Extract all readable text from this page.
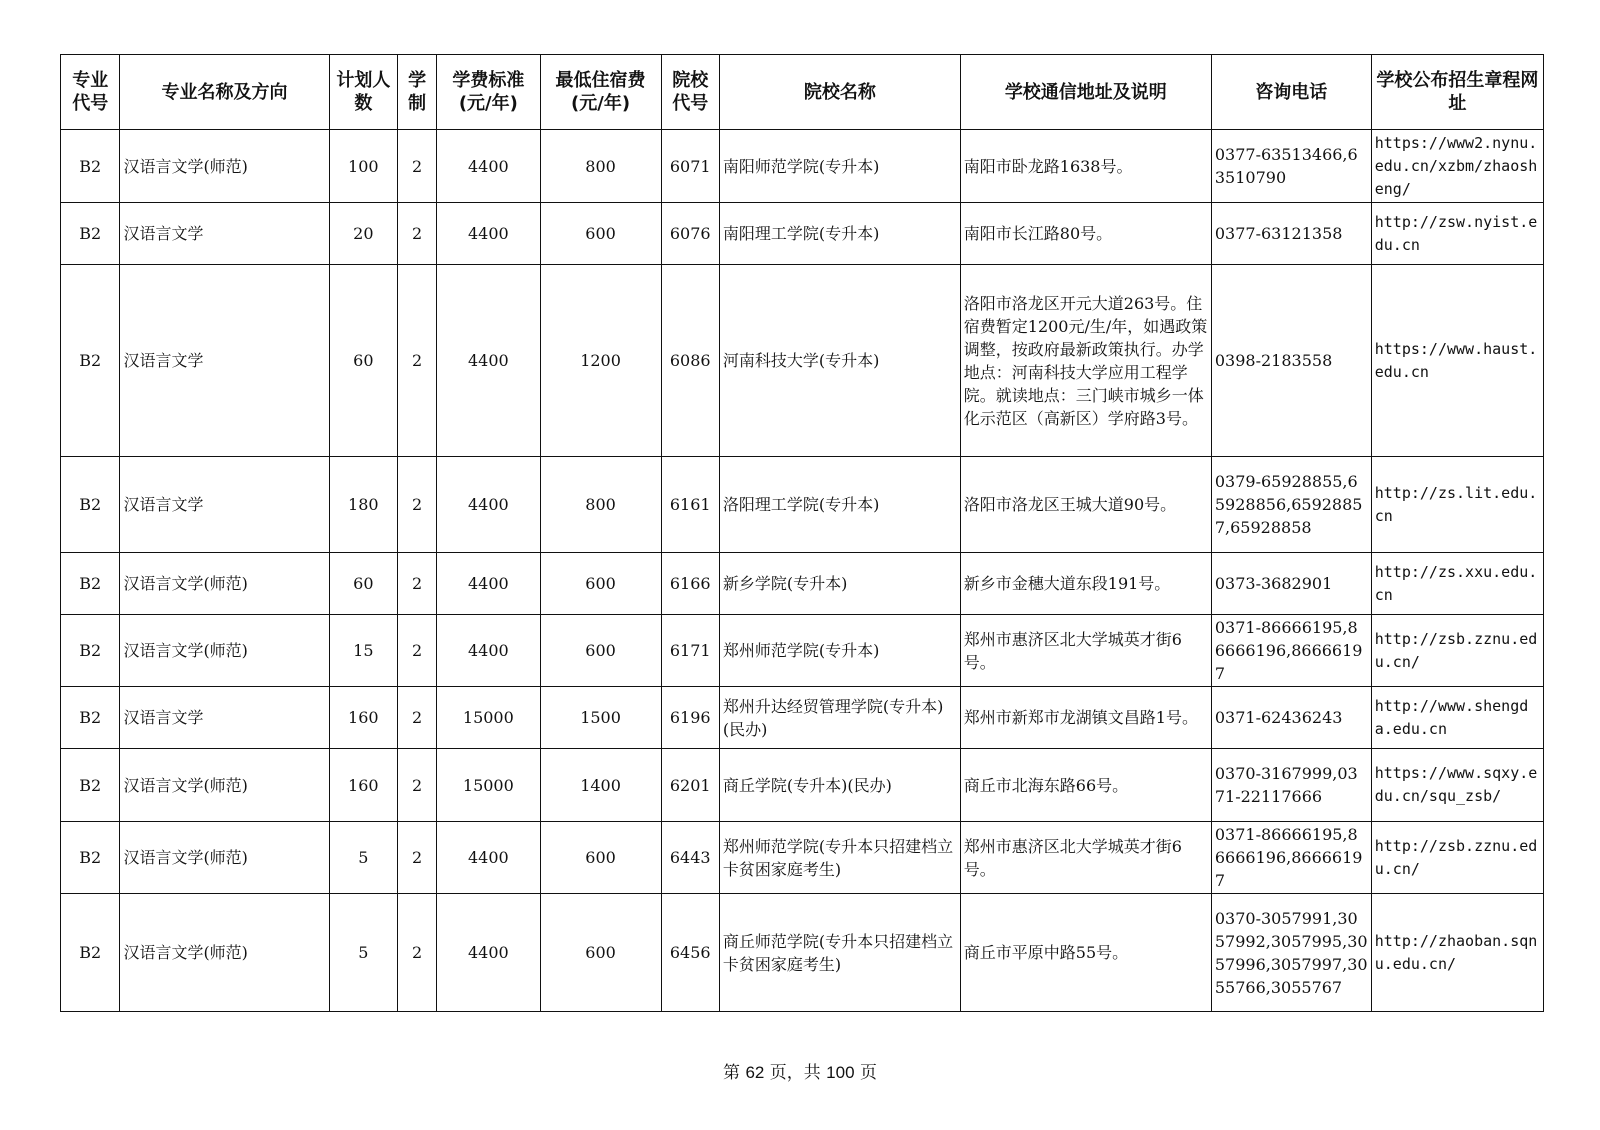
专业代号	专业名称及方向	计划人数	学制	学费标准(元/年)	最低住宿费(元/年)	院校代号	院校名称	学校通信地址及说明	咨询电话	学校公布招生章程网址
B2	汉语言文学(师范)	100	2	4400	800	6071	南阳师范学院(专升本)	南阳市卧龙路1638号。	0377-63513466,63510790	https://www2.nynu.edu.cn/xzbm/zhaosheng/
B2	汉语言文学	20	2	4400	600	6076	南阳理工学院(专升本)	南阳市长江路80号。	0377-63121358	http://zsw.nyist.edu.cn
B2	汉语言文学	60	2	4400	1200	6086	河南科技大学(专升本)	洛阳市洛龙区开元大道263号。住宿费暂定1200元/生/年，如遇政策调整，按政府最新政策执行。办学地点：河南科技大学应用工程学院。就读地点：三门峡市城乡一体化示范区（高新区）学府路3号。	0398-2183558	https://www.haust.edu.cn
B2	汉语言文学	180	2	4400	800	6161	洛阳理工学院(专升本)	洛阳市洛龙区王城大道90号。	0379-65928855,65928856,65928857,65928858	http://zs.lit.edu.cn
B2	汉语言文学(师范)	60	2	4400	600	6166	新乡学院(专升本)	新乡市金穗大道东段191号。	0373-3682901	http://zs.xxu.edu.cn
B2	汉语言文学(师范)	15	2	4400	600	6171	郑州师范学院(专升本)	郑州市惠济区北大学城英才街6号。	0371-86666195,86666196,86666197	http://zsb.zznu.edu.cn/
B2	汉语言文学	160	2	15000	1500	6196	郑州升达经贸管理学院(专升本)(民办)	郑州市新郑市龙湖镇文昌路1号。	0371-62436243	http://www.shengda.edu.cn
B2	汉语言文学(师范)	160	2	15000	1400	6201	商丘学院(专升本)(民办)	商丘市北海东路66号。	0370-3167999,0371-22117666	https://www.sqxy.edu.cn/squ_zsb/
B2	汉语言文学(师范)	5	2	4400	600	6443	郑州师范学院(专升本只招建档立卡贫困家庭考生)	郑州市惠济区北大学城英才街6号。	0371-86666195,86666196,86666197	http://zsb.zznu.edu.cn/
B2	汉语言文学(师范)	5	2	4400	600	6456	商丘师范学院(专升本只招建档立卡贫困家庭考生)	商丘市平原中路55号。	0370-3057991,3057992,3057995,3057996,3057997,3055766,3055767	http://zhaoban.sqnu.edu.cn/
第 62 页，共 100 页
